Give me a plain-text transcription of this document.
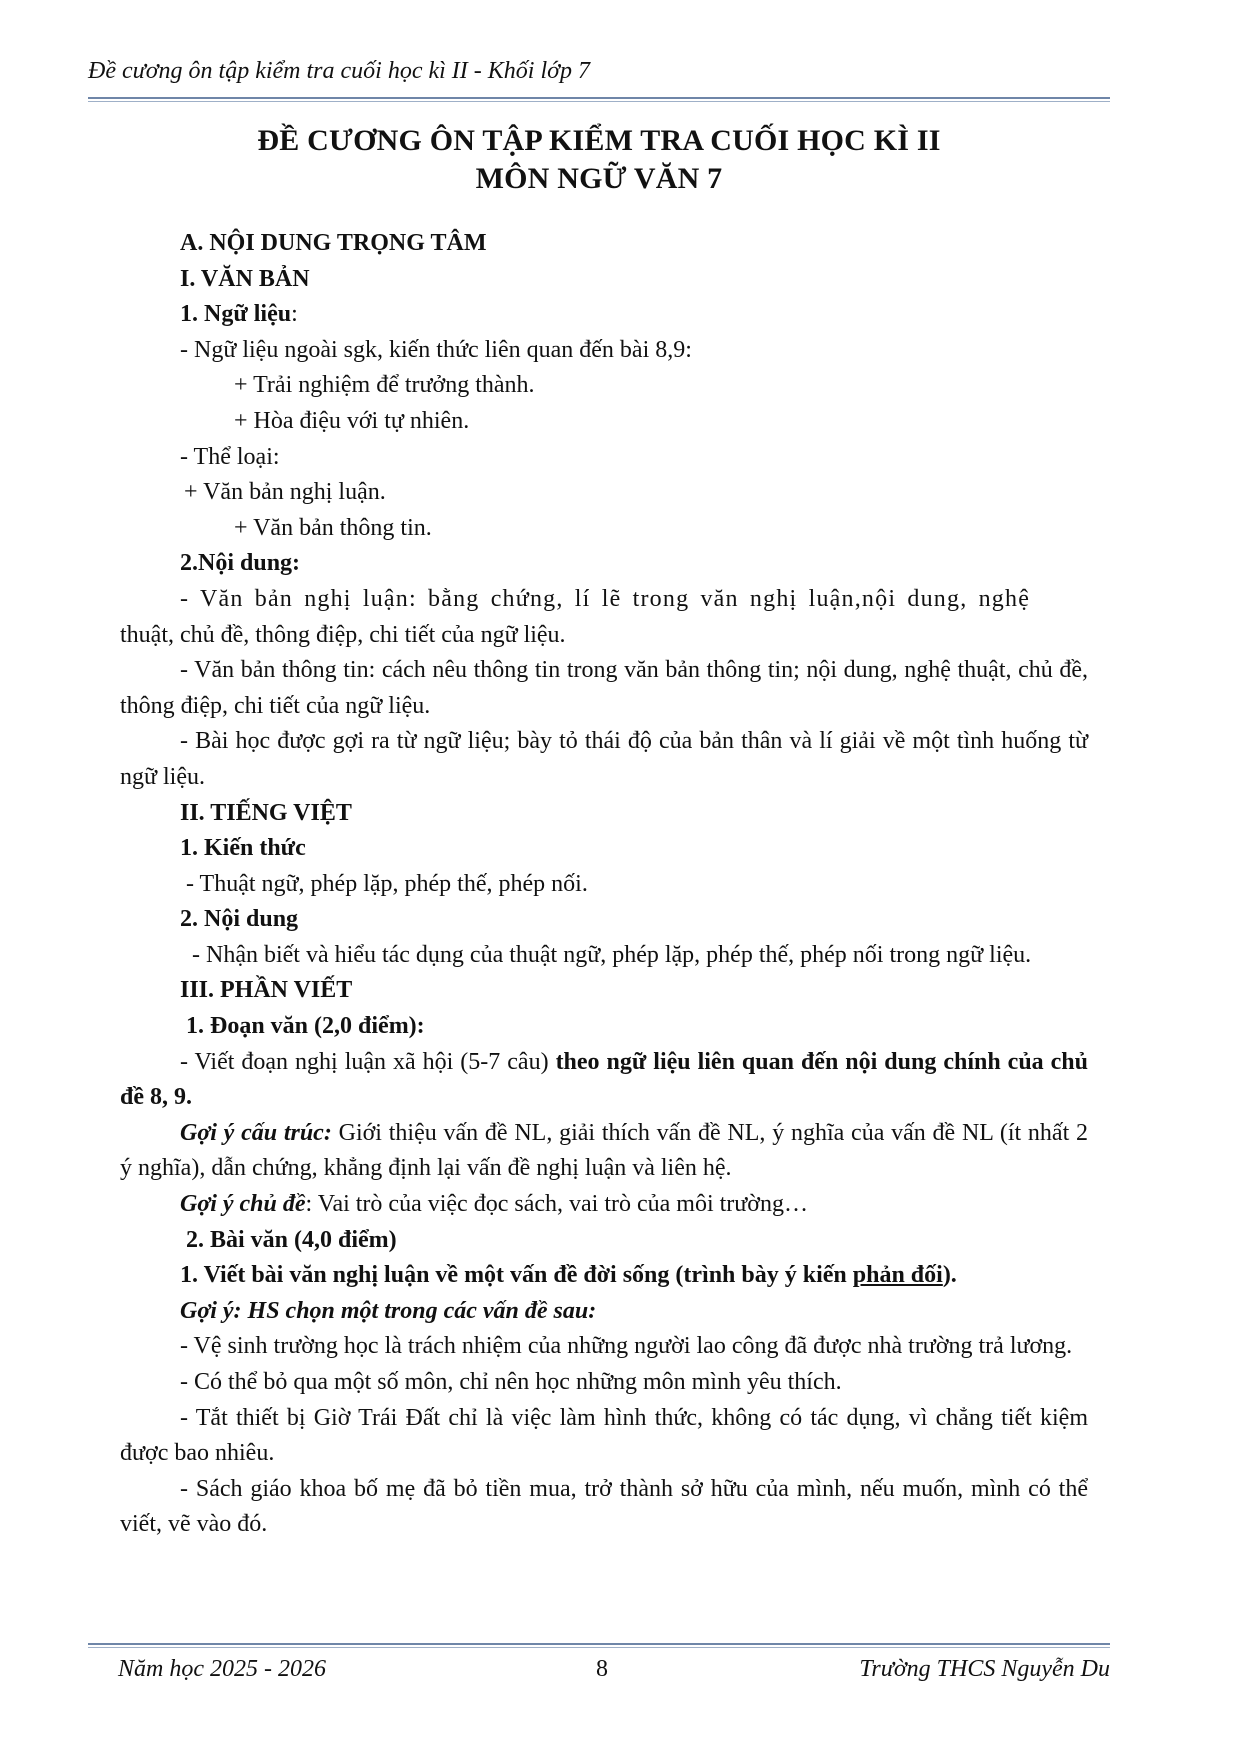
Đề cương ôn tập kiểm tra cuối học kì II - Khối lớp 7

ĐỀ CƯƠNG ÔN TẬP KIỂM TRA CUỐI HỌC KÌ II
MÔN NGỮ VĂN 7

A. NỘI DUNG TRỌNG TÂM

I. VĂN BẢN

1. Ngữ liệu:

- Ngữ liệu ngoài sgk, kiến thức liên quan đến bài 8,9:

+ Trải nghiệm để trưởng thành.

+ Hòa điệu với tự nhiên.

- Thể loại:

+ Văn bản nghị luận.

+ Văn bản thông tin.

2.Nội dung:

- Văn bản nghị luận: bằng chứng, lí lẽ trong văn nghị luận,nội dung, nghệ

thuật, chủ đề, thông điệp, chi tiết của ngữ liệu.

- Văn bản thông tin: cách nêu thông tin trong văn bản thông tin; nội dung, nghệ thuật, chủ đề, thông điệp, chi tiết của ngữ liệu.

- Bài học được gợi ra từ ngữ liệu; bày tỏ thái độ của bản thân và lí giải về một tình huống từ ngữ liệu.

II. TIẾNG VIỆT

1. Kiến thức

- Thuật ngữ, phép lặp, phép thế, phép nối.

2. Nội dung

- Nhận biết và hiểu tác dụng của thuật ngữ, phép lặp, phép thế, phép nối trong ngữ liệu.

III. PHẦN VIẾT

1. Đoạn văn (2,0 điểm):

- Viết đoạn nghị luận xã hội (5-7 câu) theo ngữ liệu liên quan đến nội dung chính của chủ đề 8, 9.

Gợi ý cấu trúc: Giới thiệu vấn đề NL, giải thích vấn đề NL, ý nghĩa của vấn đề NL (ít nhất 2 ý nghĩa), dẫn chứng, khẳng định lại vấn đề nghị luận và liên hệ.

Gợi ý chủ đề: Vai trò của việc đọc sách, vai trò của môi trường…

2. Bài văn (4,0 điểm)

1. Viết bài văn nghị luận về một vấn đề đời sống (trình bày ý kiến phản đối).

Gợi ý: HS chọn một trong các vấn đề sau:

- Vệ sinh trường học là trách nhiệm của những người lao công đã được nhà trường trả lương.

- Có thể bỏ qua một số môn, chỉ nên học những môn mình yêu thích.

- Tắt thiết bị Giờ Trái Đất chỉ là việc làm hình thức, không có tác dụng, vì chẳng tiết kiệm được bao nhiêu.

- Sách giáo khoa bố mẹ đã bỏ tiền mua, trở thành sở hữu của mình, nếu muốn, mình có thể viết, vẽ vào đó.

Năm học 2025 - 2026	8	Trường THCS Nguyễn Du
